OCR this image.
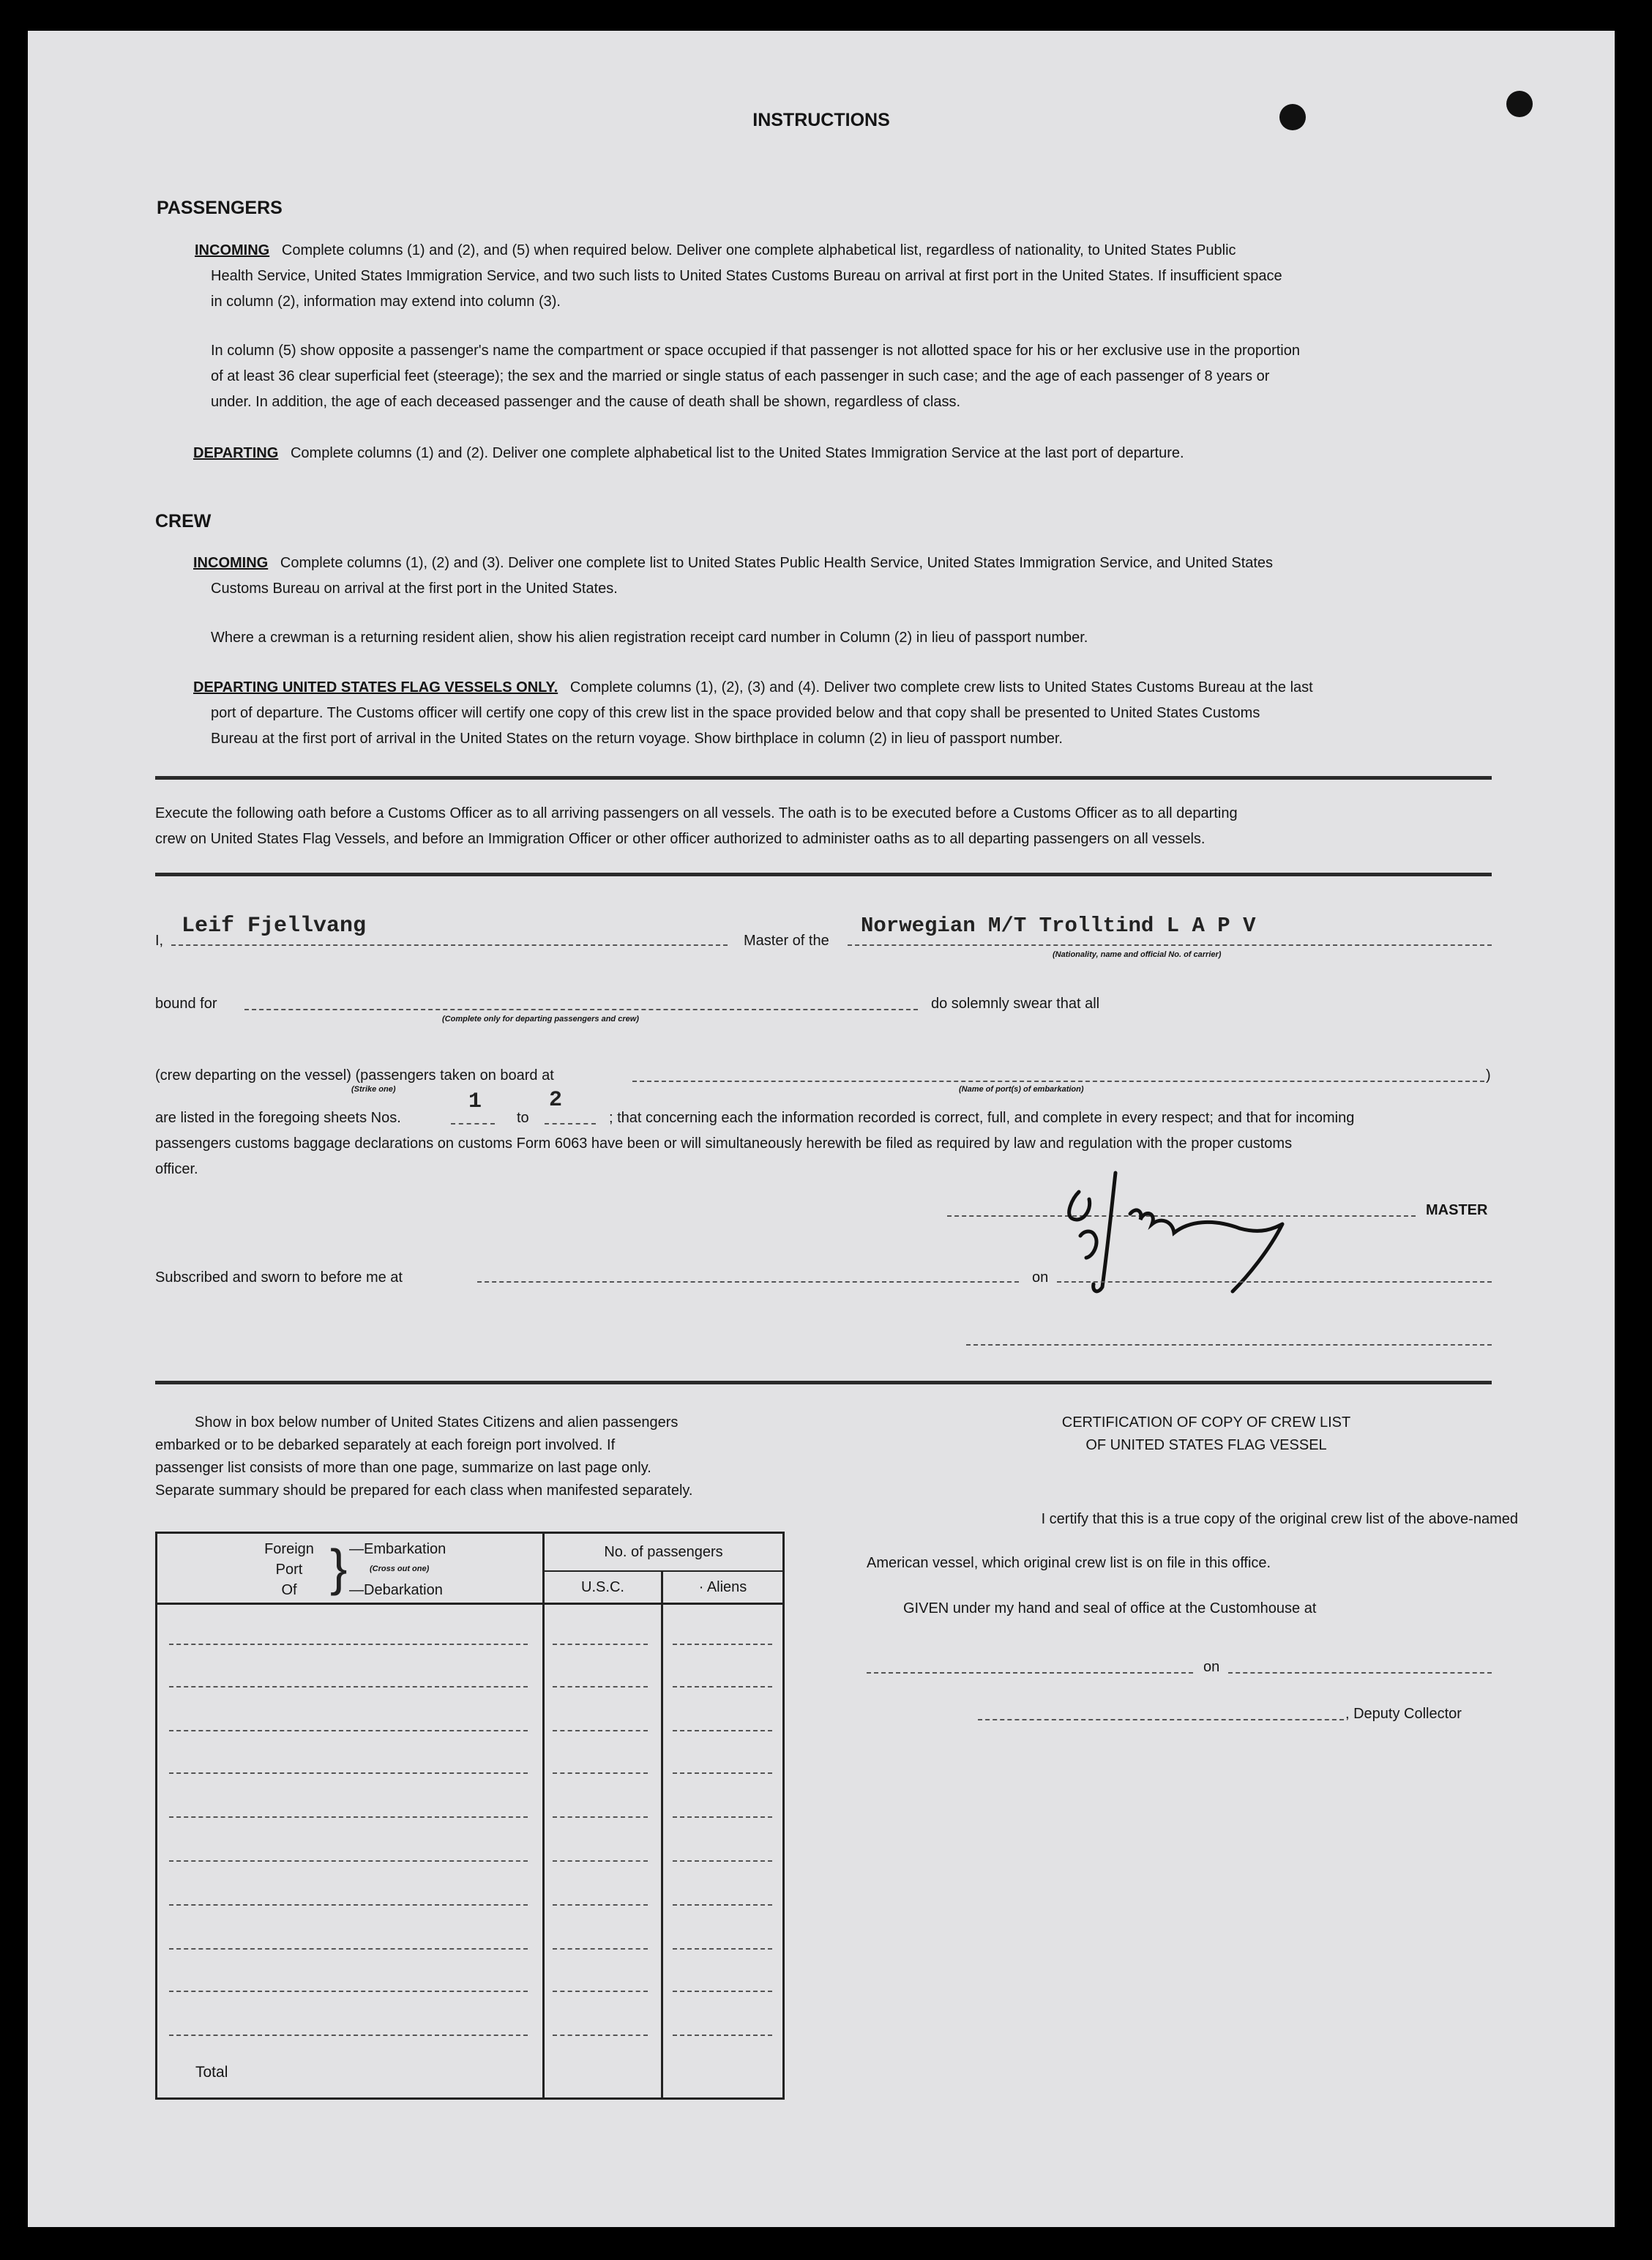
INSTRUCTIONS
PASSENGERS
INCOMING Complete columns (1) and (2), and (5) when required below. Deliver one complete alphabetical list, regardless of nationality, to United States Public
Health Service, United States Immigration Service, and two such lists to United States Customs Bureau on arrival at first port in the United States. If insufficient space
in column (2), information may extend into column (3).
In column (5) show opposite a passenger's name the compartment or space occupied if that passenger is not allotted space for his or her exclusive use in the proportion
of at least 36 clear superficial feet (steerage); the sex and the married or single status of each passenger in such case; and the age of each passenger of 8 years or
under. In addition, the age of each deceased passenger and the cause of death shall be shown, regardless of class.
DEPARTING Complete columns (1) and (2). Deliver one complete alphabetical list to the United States Immigration Service at the last port of departure.
CREW
INCOMING Complete columns (1), (2) and (3). Deliver one complete list to United States Public Health Service, United States Immigration Service, and United States
Customs Bureau on arrival at the first port in the United States.
Where a crewman is a returning resident alien, show his alien registration receipt card number in Column (2) in lieu of passport number.
DEPARTING UNITED STATES FLAG VESSELS ONLY. Complete columns (1), (2), (3) and (4). Deliver two complete crew lists to United States Customs Bureau at the last
port of departure. The Customs officer will certify one copy of this crew list in the space provided below and that copy shall be presented to United States Customs
Bureau at the first port of arrival in the United States on the return voyage. Show birthplace in column (2) in lieu of passport number.
Execute the following oath before a Customs Officer as to all arriving passengers on all vessels. The oath is to be executed before a Customs Officer as to all departing
crew on United States Flag Vessels, and before an Immigration Officer or other officer authorized to administer oaths as to all departing passengers on all vessels.
I,
Leif Fjellvang
Master of the
Norwegian M/T Trolltind L A P V
(Nationality, name and official No. of carrier)
bound for
(Complete only for departing passengers and crew)
do solemnly swear that all
(crew departing on the vessel) (passengers taken on board at	)
(Strike one)	(Name of port(s) of embarkation)
are listed in the foregoing sheets Nos.
1
to
2
; that concerning each the information recorded is correct, full, and complete in every respect; and that for incoming
passengers customs baggage declarations on customs Form 6063 have been or will simultaneously herewith be filed as required by law and regulation with the proper customs
officer.
MASTER
Subscribed and sworn to before me at	on
Show in box below number of United States Citizens and alien passengers
embarked or to be debarked separately at each foreign port involved. If
passenger list consists of more than one page, summarize on last page only.
Separate summary should be prepared for each class when manifested separately.
Foreign
Port
Of } —Embarkation
(Cross out one)
—Debarkation
No. of passengers
U.S.C.	· Aliens
Total
CERTIFICATION OF COPY OF CREW LIST
OF UNITED STATES FLAG VESSEL
I certify that this is a true copy of the original crew list of the above-named
American vessel, which original crew list is on file in this office.
GIVEN under my hand and seal of office at the Customhouse at
on
, Deputy Collector
